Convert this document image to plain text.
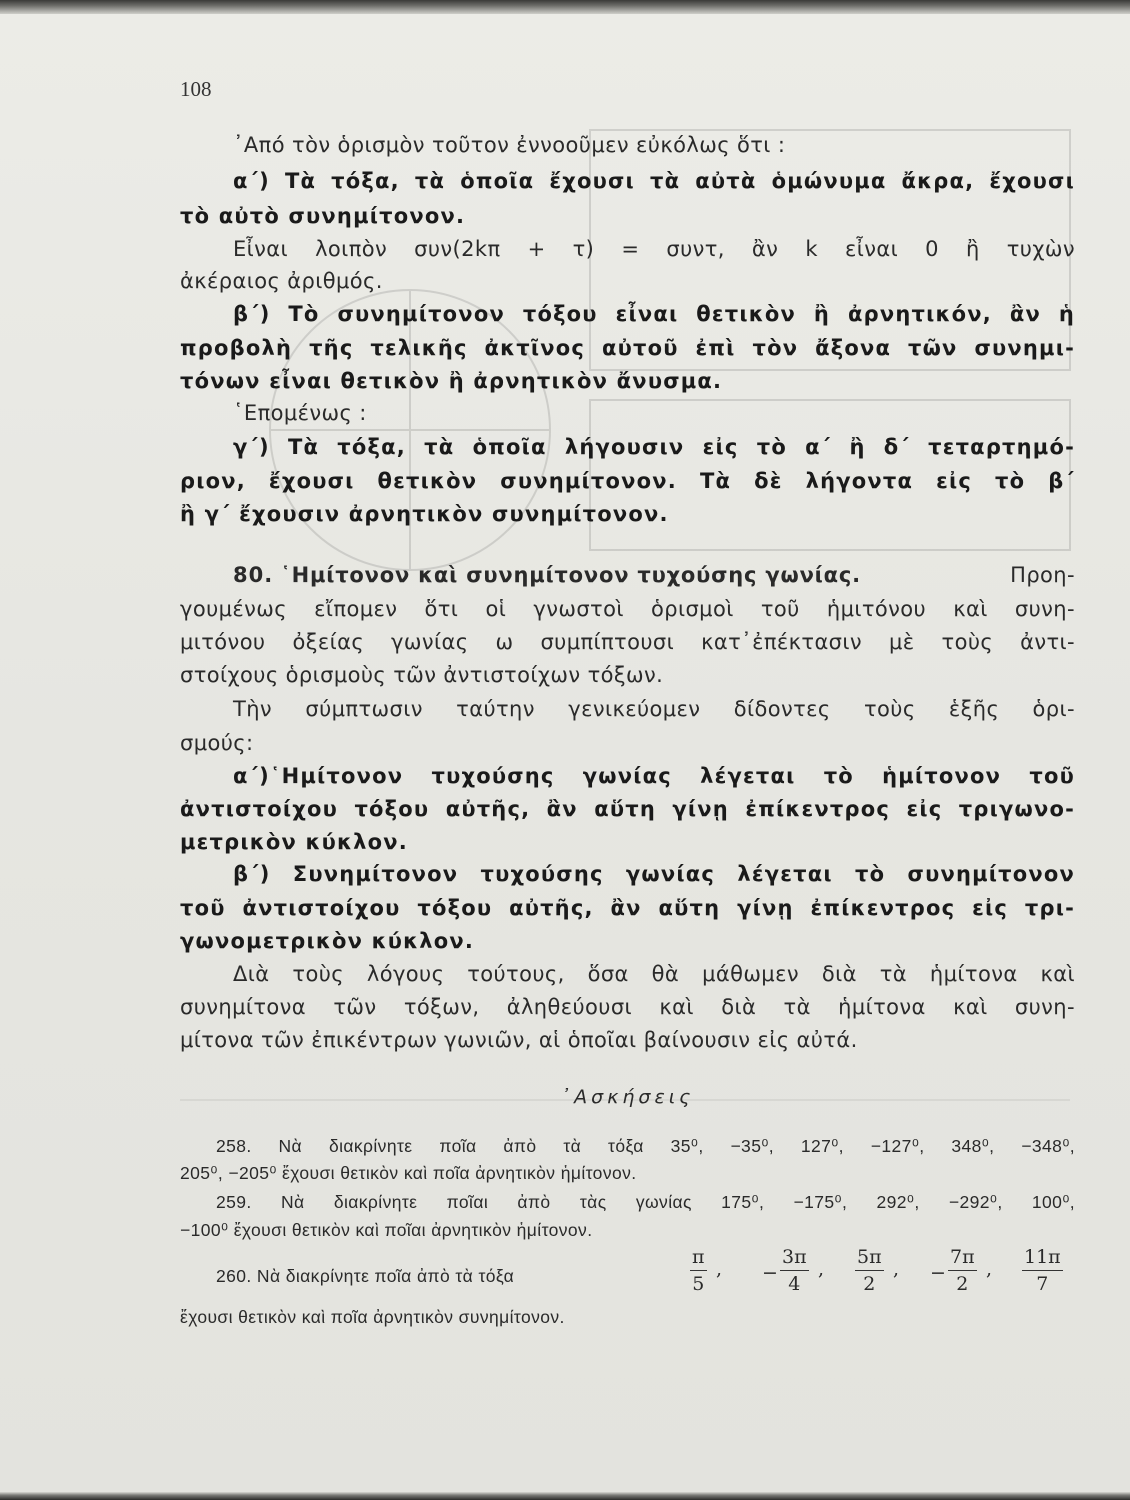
108
᾿Από τὸν ὁρισμὸν τοῦτον ἐννοοῦμεν εὐκόλως ὅτι :
α΄) Τὰ τόξα, τὰ ὁποῖα ἔχουσι τὰ αὐτὰ ὁμώνυμα ἄκρα, ἔχουσι
τὸ αὐτὸ συνημίτονον.
Εἶναι λοιπὸν συν(2kπ + τ) = συντ, ἂν k εἶναι 0 ἢ τυχὼν
ἀκέραιος ἀριθμός.
β΄) Τὸ συνημίτονον τόξου εἶναι θετικὸν ἢ ἀρνητικόν, ἂν ἡ
προβολὴ τῆς τελικῆς ἀκτῖνος αὐτοῦ ἐπὶ τὸν ἄξονα τῶν συνημι-
τόνων εἶναι θετικὸν ἢ ἀρνητικὸν ἄνυσμα.
῾Επομένως :
γ΄) Τὰ τόξα, τὰ ὁποῖα λήγουσιν εἰς τὸ α΄ ἢ δ΄ τεταρτημό-
ριον, ἔχουσι θετικὸν συνημίτονον. Τὰ δὲ λήγοντα εἰς τὸ β΄
ἢ γ΄ ἔχουσιν ἀρνητικὸν συνημίτονον.
80. ῾Ημίτονον καὶ συνημίτονον τυχούσης γωνίας.	Προη-
γουμένως εἴπομεν ὅτι οἱ γνωστοὶ ὁρισμοὶ τοῦ ἡμιτόνου καὶ συνη-
μιτόνου ὀξείας γωνίας ω συμπίπτουσι κατ᾿ἐπέκτασιν μὲ τοὺς ἀντι-
στοίχους ὁρισμοὺς τῶν ἀντιστοίχων τόξων.
Τὴν σύμπτωσιν ταύτην γενικεύομεν δίδοντες τοὺς ἑξῆς ὁρι-
σμούς:
α΄)῾Ημίτονον τυχούσης γωνίας λέγεται τὸ ἡμίτονον τοῦ
ἀντιστοίχου τόξου αὐτῆς, ἂν αὕτη γίνῃ ἐπίκεντρος εἰς τριγωνο-
μετρικὸν κύκλον.
β΄) Συνημίτονον τυχούσης γωνίας λέγεται τὸ συνημίτονον
τοῦ ἀντιστοίχου τόξου αὐτῆς, ἂν αὕτη γίνῃ ἐπίκεντρος εἰς τρι-
γωνομετρικὸν κύκλον.
Διὰ τοὺς λόγους τούτους, ὅσα θὰ μάθωμεν διὰ τὰ ἡμίτονα καὶ
συνημίτονα τῶν τόξων, ἀληθεύουσι καὶ διὰ τὰ ἡμίτονα καὶ συνη-
μίτονα τῶν ἐπικέντρων γωνιῶν, αἱ ὁποῖαι βαίνουσιν εἰς αὐτά.
᾿Ασκήσεις
258. Νὰ διακρίνητε ποῖα ἀπὸ τὰ τόξα 35⁰, −35⁰, 127⁰, −127⁰, 348⁰, −348⁰,
205⁰, −205⁰ ἔχουσι θετικὸν καὶ ποῖα ἀρνητικὸν ἡμίτονον.
259. Νὰ διακρίνητε ποῖαι ἀπὸ τὰς γωνίας 175⁰, −175⁰, 292⁰, −292⁰, 100⁰,
−100⁰ ἔχουσι θετικὸν καὶ ποῖαι ἀρνητικὸν ἡμίτονον.
260. Νὰ διακρίνητε ποῖα ἀπὸ τὰ τόξα	$\frac{\pi}{5}$ , − $\frac{3\pi}{4}$ , $\frac{5\pi}{2}$ , − $\frac{7\pi}{2}$ , $\frac{11\pi}{7}$
ἔχουσι θετικὸν καὶ ποῖα ἀρνητικὸν συνημίτονον.
